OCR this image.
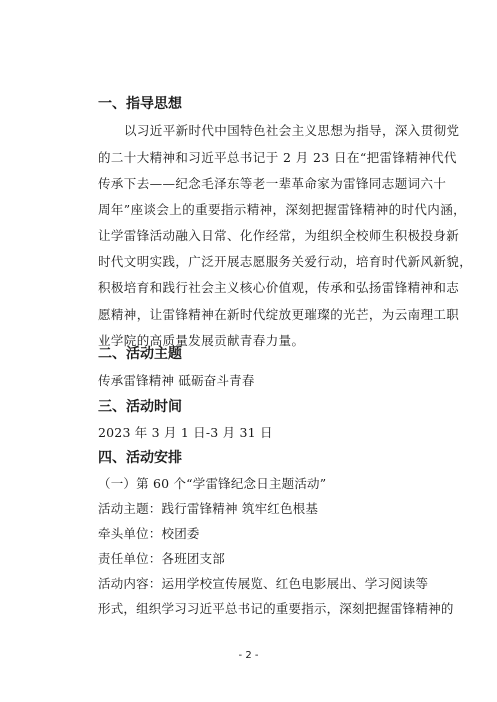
一、指导思想
以习近平新时代中国特色社会主义思想为指导，深入贯彻党
的二十大精神和习近平总书记于 2 月 23 日在“把雷锋精神代代
传承下去——纪念毛泽东等老一辈革命家为雷锋同志题词六十
周年”座谈会上的重要指示精神，深刻把握雷锋精神的时代内涵，
让学雷锋活动融入日常、化作经常，为组织全校师生积极投身新
时代文明实践，广泛开展志愿服务关爱行动，培育时代新风新貌，
积极培育和践行社会主义核心价值观，传承和弘扬雷锋精神和志
愿精神，让雷锋精神在新时代绽放更璀璨的光芒，为云南理工职
业学院的高质量发展贡献青春力量。
二、活动主题
传承雷锋精神 砥砺奋斗青春
三、活动时间
2023 年 3 月 1 日-3 月 31 日
四、活动安排
（一）第 60 个“学雷锋纪念日主题活动”
活动主题：践行雷锋精神 筑牢红色根基
牵头单位：校团委
责任单位：各班团支部
活动内容：运用学校宣传展览、红色电影展出、学习阅读等
形式，组织学习习近平总书记的重要指示，深刻把握雷锋精神的
- 2 -
